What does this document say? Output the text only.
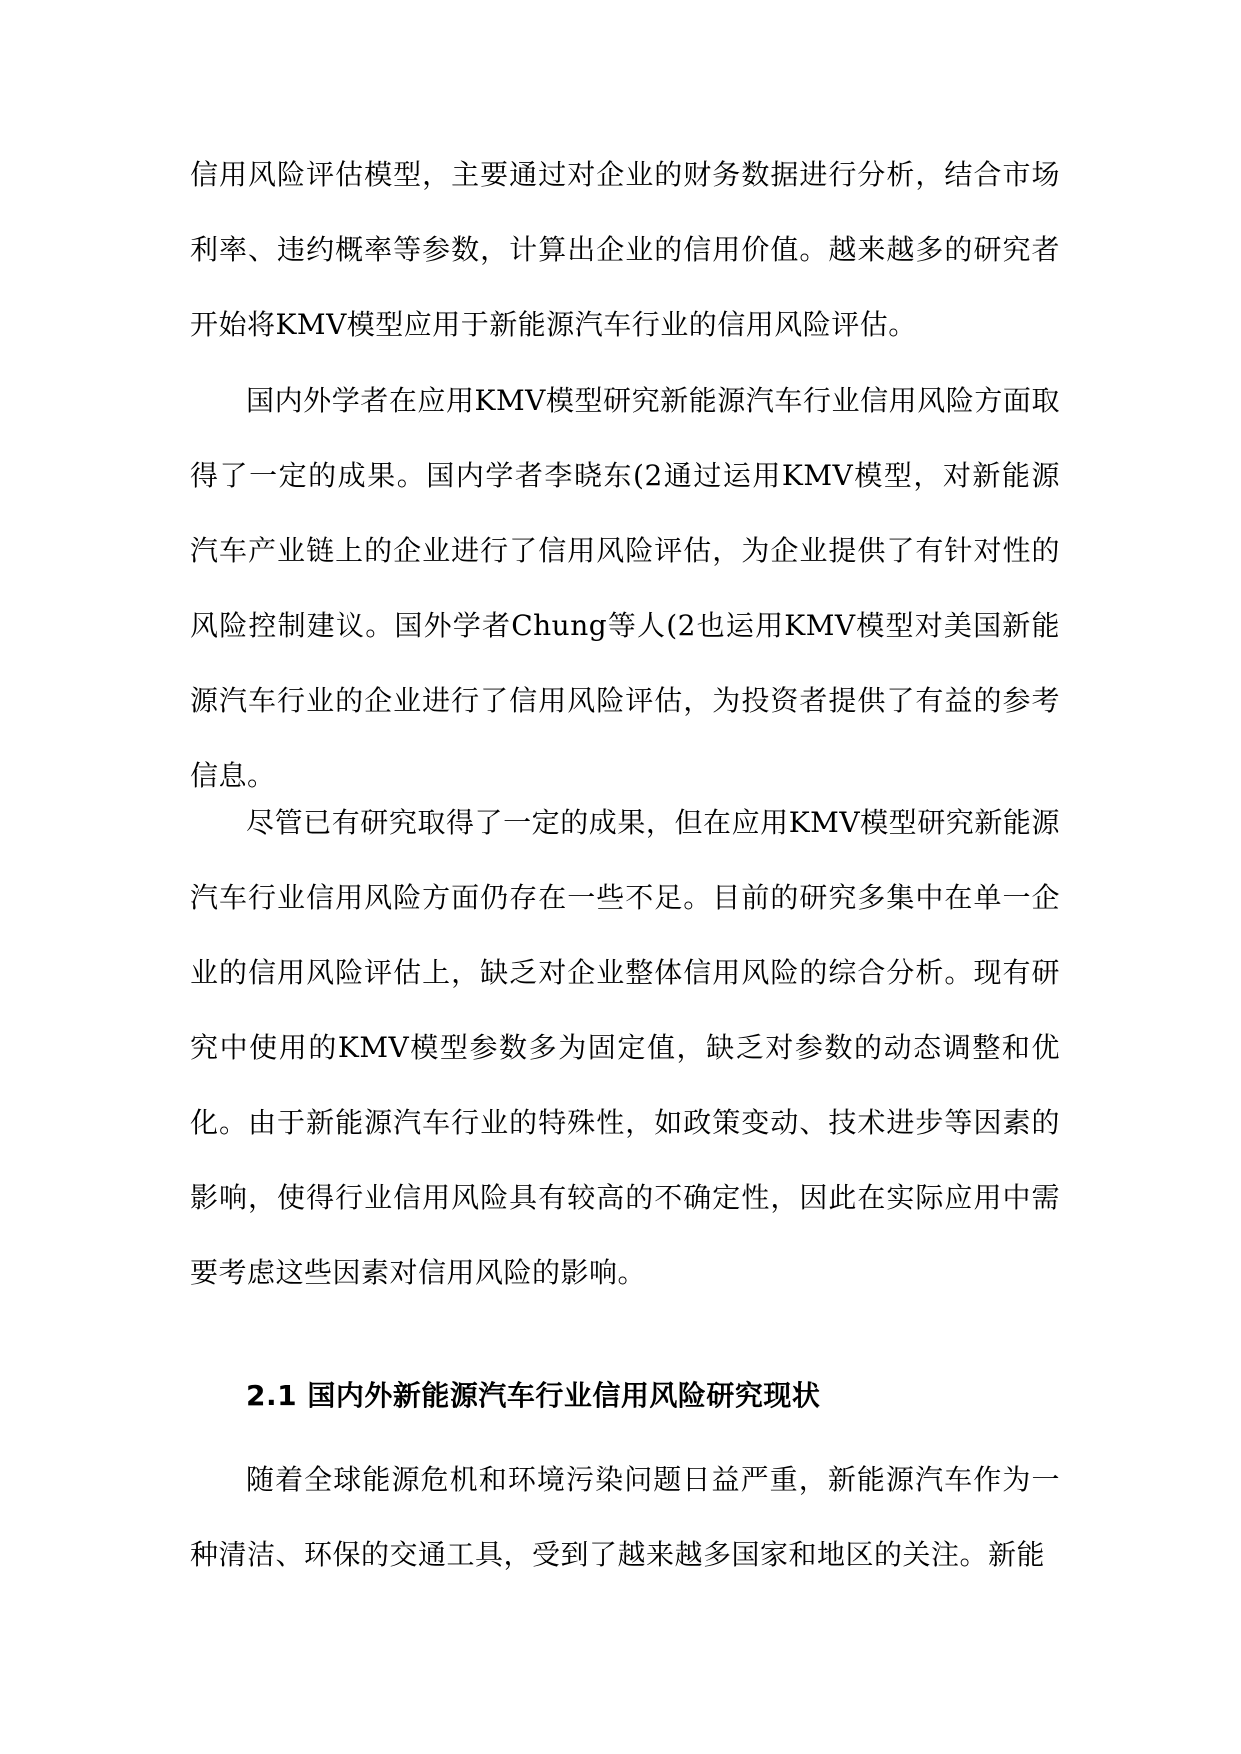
信用风险评估模型，主要通过对企业的财务数据进行分析，结合市场利率、违约概率等参数，计算出企业的信用价值。越来越多的研究者开始将KMV模型应用于新能源汽车行业的信用风险评估。

国内外学者在应用KMV模型研究新能源汽车行业信用风险方面取得了一定的成果。国内学者李晓东(2通过运用KMV模型，对新能源汽车产业链上的企业进行了信用风险评估，为企业提供了有针对性的风险控制建议。国外学者Chung等人(2也运用KMV模型对美国新能源汽车行业的企业进行了信用风险评估，为投资者提供了有益的参考信息。

尽管已有研究取得了一定的成果，但在应用KMV模型研究新能源汽车行业信用风险方面仍存在一些不足。目前的研究多集中在单一企业的信用风险评估上，缺乏对企业整体信用风险的综合分析。现有研究中使用的KMV模型参数多为固定值，缺乏对参数的动态调整和优化。由于新能源汽车行业的特殊性，如政策变动、技术进步等因素的影响，使得行业信用风险具有较高的不确定性，因此在实际应用中需要考虑这些因素对信用风险的影响。

2.1 国内外新能源汽车行业信用风险研究现状

随着全球能源危机和环境污染问题日益严重，新能源汽车作为一种清洁、环保的交通工具，受到了越来越多国家和地区的关注。新能
